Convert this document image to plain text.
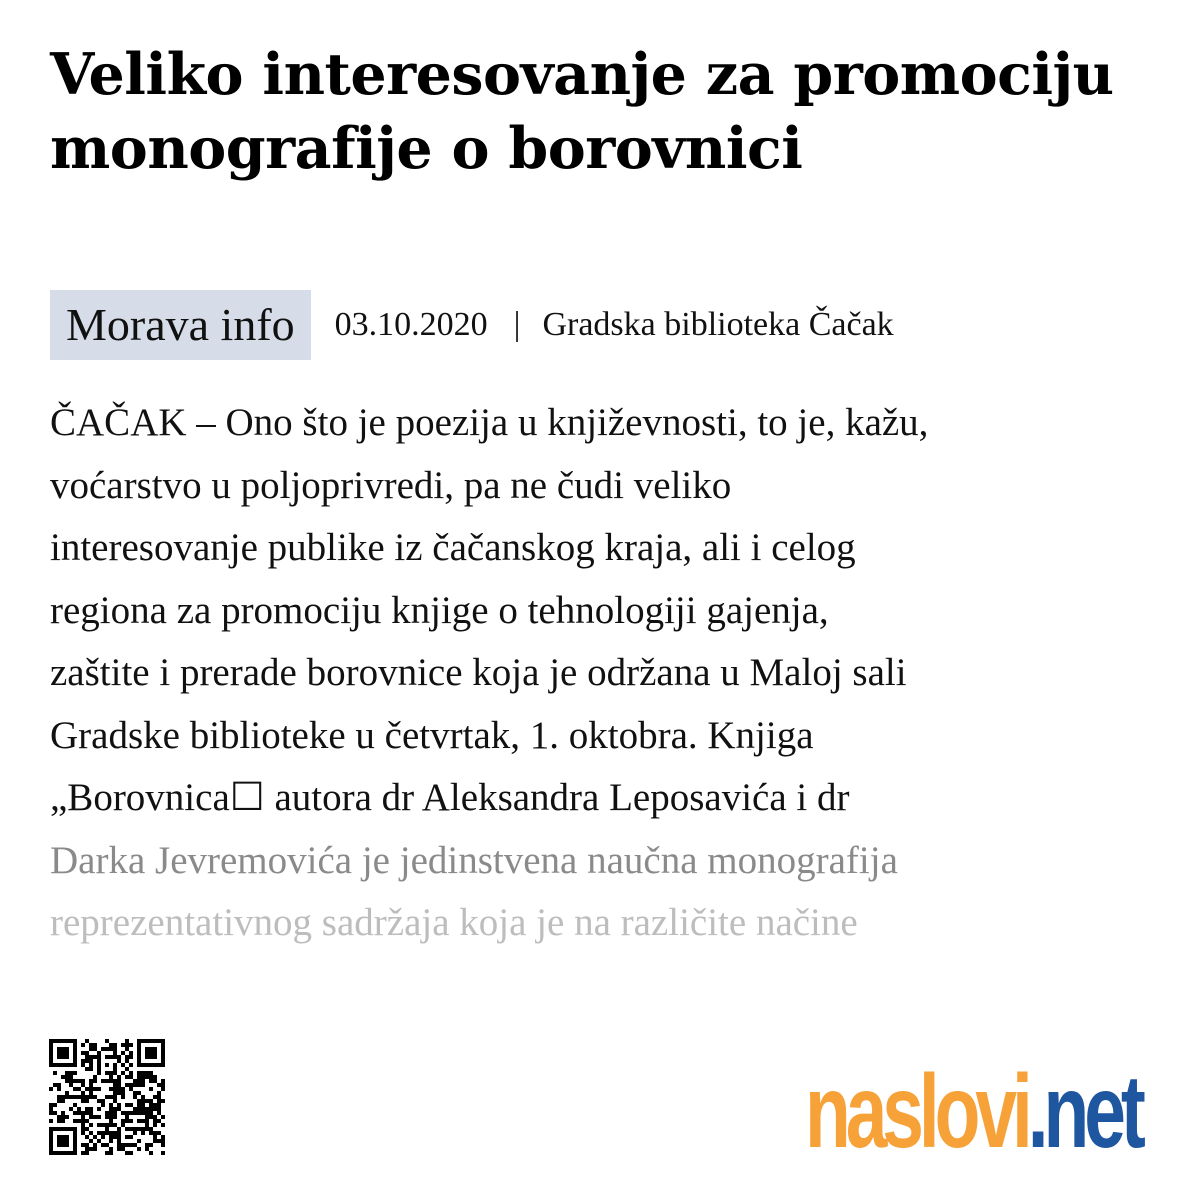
Veliko interesovanje za promociju monografije o borovnici
Morava info	03.10.2020 | Gradska biblioteka Čačak
ČAČAK – Ono što je poezija u književnosti, to je, kažu,
voćarstvo u poljoprivredi, pa ne čudi veliko
interesovanje publike iz čačanskog kraja, ali i celog
regiona za promociju knjige o tehnologiji gajenja,
zaštite i prerade borovnice koja je održana u Maloj sali
Gradske biblioteke u četvrtak, 1. oktobra. Knjiga
„Borovnica☐ autora dr Aleksandra Leposavića i dr
Darka Jevremovića je jedinstvena naučna monografija
reprezentativnog sadržaja koja je na različite načine
naslovi.net
